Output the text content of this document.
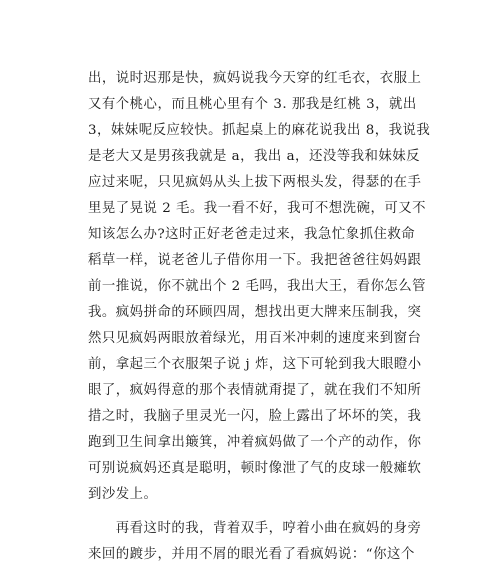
出，说时迟那是快，疯妈说我今天穿的红毛衣，衣服上
又有个桃心，而且桃心里有个 3. 那我是红桃 3，就出
3，妹妹呢反应较快。抓起桌上的麻花说我出 8，我说我
是老大又是男孩我就是 a，我出 a，还没等我和妹妹反
应过来呢，只见疯妈从头上拔下两根头发，得瑟的在手
里晃了晃说 2 毛。我一看不好，我可不想洗碗，可又不
知该怎么办?这时正好老爸走过来，我急忙象抓住救命
稻草一样，说老爸儿子借你用一下。我把爸爸往妈妈跟
前一推说，你不就出个 2 毛吗，我出大王，看你怎么管
我。疯妈拼命的环顾四周，想找出更大牌来压制我，突
然只见疯妈两眼放着绿光，用百米冲刺的速度来到窗台
前，拿起三个衣服架子说 j 炸，这下可轮到我大眼瞪小
眼了，疯妈得意的那个表情就甭提了，就在我们不知所
措之时，我脑子里灵光一闪，脸上露出了坏坏的笑，我
跑到卫生间拿出簸箕，冲着疯妈做了一个产的动作，你
可别说疯妈还真是聪明，顿时像泄了气的皮球一般瘫软
到沙发上。
　　再看这时的我，背着双手，哼着小曲在疯妈的身旁
来回的踱步，并用不屑的眼光看了看疯妈说：“你这个
